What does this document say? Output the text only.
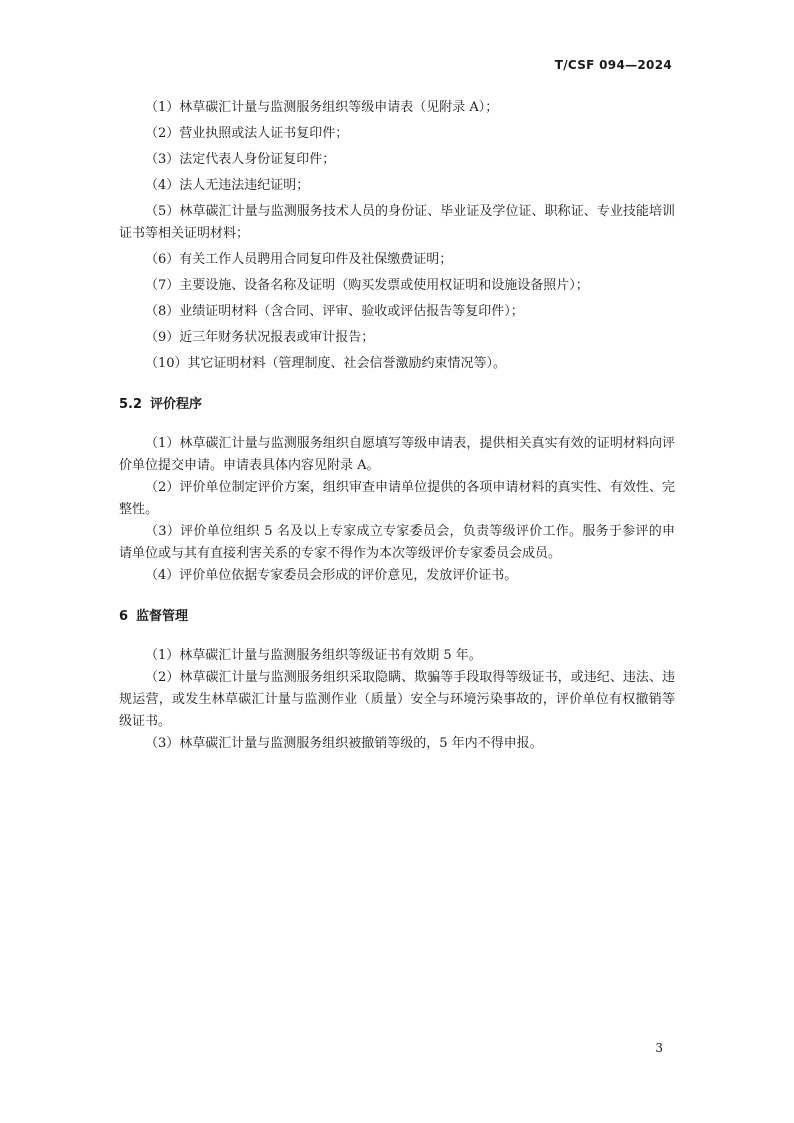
T/CSF 094—2024

（1）林草碳汇计量与监测服务组织等级申请表（见附录 A）；

（2）营业执照或法人证书复印件；

（3）法定代表人身份证复印件；

（4）法人无违法违纪证明；

（5）林草碳汇计量与监测服务技术人员的身份证、毕业证及学位证、职称证、专业技能培训证书等相关证明材料；

（6）有关工作人员聘用合同复印件及社保缴费证明；

（7）主要设施、设备名称及证明（购买发票或使用权证明和设施设备照片）；

（8）业绩证明材料（含合同、评审、验收或评估报告等复印件）；

（9）近三年财务状况报表或审计报告；

（10）其它证明材料（管理制度、社会信誉激励约束情况等）。

5.2 评价程序

（1）林草碳汇计量与监测服务组织自愿填写等级申请表，提供相关真实有效的证明材料向评价单位提交申请。申请表具体内容见附录 A。

（2）评价单位制定评价方案，组织审查申请单位提供的各项申请材料的真实性、有效性、完整性。

（3）评价单位组织 5 名及以上专家成立专家委员会，负责等级评价工作。服务于参评的申请单位或与其有直接利害关系的专家不得作为本次等级评价专家委员会成员。

（4）评价单位依据专家委员会形成的评价意见，发放评价证书。

6 监督管理

（1）林草碳汇计量与监测服务组织等级证书有效期 5 年。

（2）林草碳汇计量与监测服务组织采取隐瞒、欺骗等手段取得等级证书，或违纪、违法、违规运营，或发生林草碳汇计量与监测作业（质量）安全与环境污染事故的，评价单位有权撤销等级证书。

（3）林草碳汇计量与监测服务组织被撤销等级的，5 年内不得申报。

3
